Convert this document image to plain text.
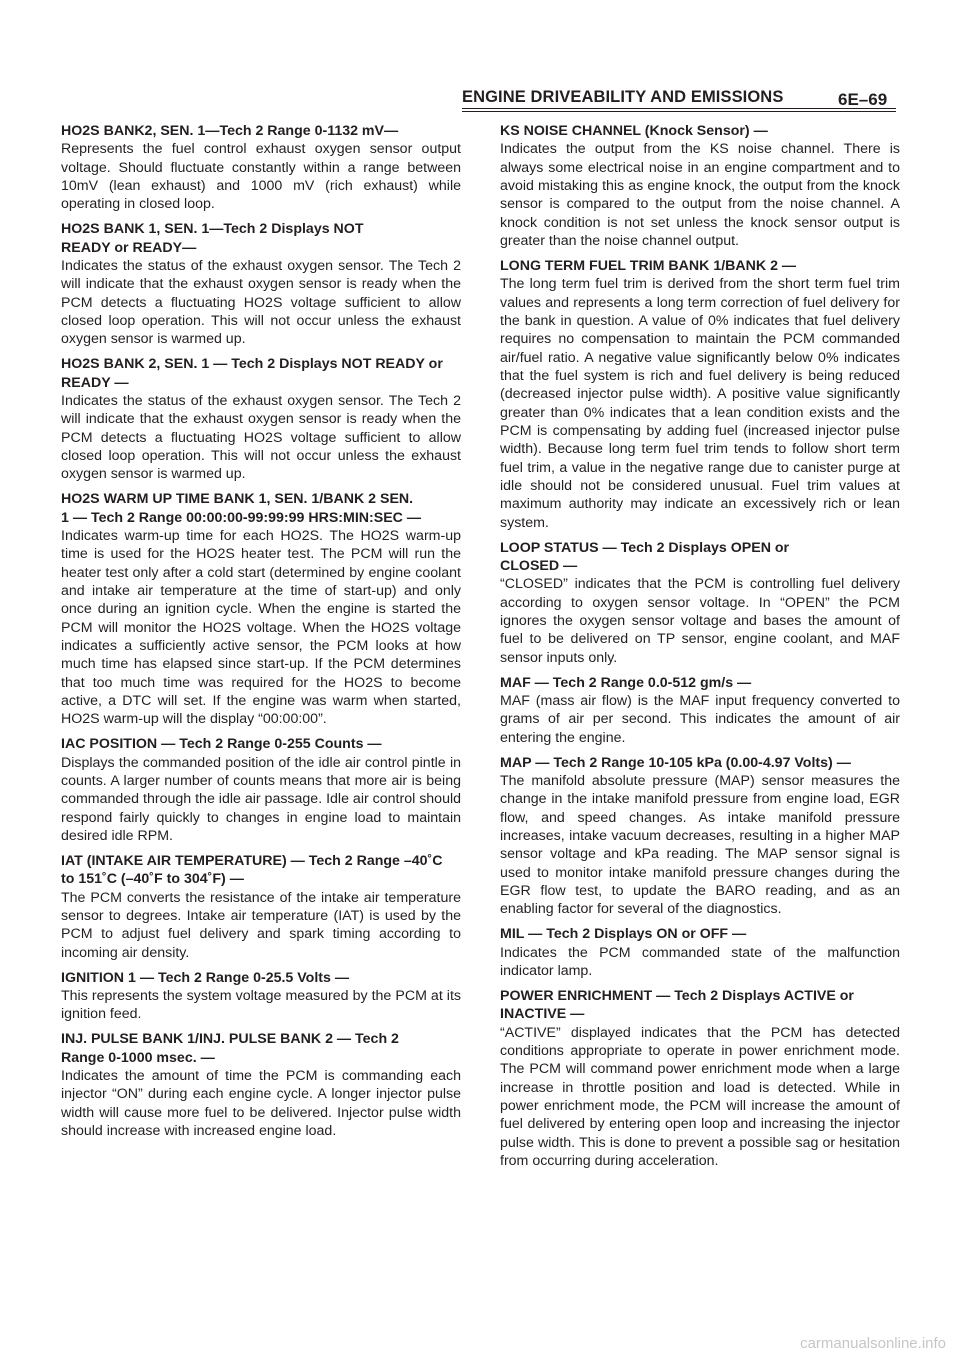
ENGINE DRIVEABILITY AND EMISSIONS	6E–69
HO2S BANK2, SEN. 1—Tech 2 Range 0-1132 mV—
Represents the fuel control exhaust oxygen sensor output voltage. Should fluctuate constantly within a range between 10mV (lean exhaust) and 1000 mV (rich exhaust) while operating in closed loop.
HO2S BANK 1, SEN. 1—Tech 2 Displays NOT READY or READY—
Indicates the status of the exhaust oxygen sensor. The Tech 2 will indicate that the exhaust oxygen sensor is ready when the PCM detects a fluctuating HO2S voltage sufficient to allow closed loop operation. This will not occur unless the exhaust oxygen sensor is warmed up.
HO2S BANK 2, SEN. 1 — Tech 2 Displays NOT READY or READY —
Indicates the status of the exhaust oxygen sensor. The Tech 2 will indicate that the exhaust oxygen sensor is ready when the PCM detects a fluctuating HO2S voltage sufficient to allow closed loop operation. This will not occur unless the exhaust oxygen sensor is warmed up.
HO2S WARM UP TIME BANK 1, SEN. 1/BANK 2 SEN. 1 — Tech 2 Range 00:00:00-99:99:99 HRS:MIN:SEC —
Indicates warm-up time for each HO2S. The HO2S warm-up time is used for the HO2S heater test. The PCM will run the heater test only after a cold start (determined by engine coolant and intake air temperature at the time of start-up) and only once during an ignition cycle. When the engine is started the PCM will monitor the HO2S voltage. When the HO2S voltage indicates a sufficiently active sensor, the PCM looks at how much time has elapsed since start-up. If the PCM determines that too much time was required for the HO2S to become active, a DTC will set. If the engine was warm when started, HO2S warm-up will the display “00:00:00”.
IAC POSITION — Tech 2 Range 0-255 Counts —
Displays the commanded position of the idle air control pintle in counts. A larger number of counts means that more air is being commanded through the idle air passage. Idle air control should respond fairly quickly to changes in engine load to maintain desired idle RPM.
IAT (INTAKE AIR TEMPERATURE) — Tech 2 Range –40˚C to 151˚C (–40˚F to 304˚F) —
The PCM converts the resistance of the intake air temperature sensor to degrees. Intake air temperature (IAT) is used by the PCM to adjust fuel delivery and spark timing according to incoming air density.
IGNITION 1 — Tech 2 Range 0-25.5 Volts —
This represents the system voltage measured by the PCM at its ignition feed.
INJ. PULSE BANK 1/INJ. PULSE BANK 2 — Tech 2 Range 0-1000 msec. —
Indicates the amount of time the PCM is commanding each injector “ON” during each engine cycle. A longer injector pulse width will cause more fuel to be delivered. Injector pulse width should increase with increased engine load.
KS NOISE CHANNEL (Knock Sensor) —
Indicates the output from the KS noise channel. There is always some electrical noise in an engine compartment and to avoid mistaking this as engine knock, the output from the knock sensor is compared to the output from the noise channel. A knock condition is not set unless the knock sensor output is greater than the noise channel output.
LONG TERM FUEL TRIM BANK 1/BANK 2 —
The long term fuel trim is derived from the short term fuel trim values and represents a long term correction of fuel delivery for the bank in question. A value of 0% indicates that fuel delivery requires no compensation to maintain the PCM commanded air/fuel ratio. A negative value significantly below 0% indicates that the fuel system is rich and fuel delivery is being reduced (decreased injector pulse width). A positive value significantly greater than 0% indicates that a lean condition exists and the PCM is compensating by adding fuel (increased injector pulse width). Because long term fuel trim tends to follow short term fuel trim, a value in the negative range due to canister purge at idle should not be considered unusual. Fuel trim values at maximum authority may indicate an excessively rich or lean system.
LOOP STATUS — Tech 2 Displays OPEN or CLOSED —
“CLOSED” indicates that the PCM is controlling fuel delivery according to oxygen sensor voltage. In “OPEN” the PCM ignores the oxygen sensor voltage and bases the amount of fuel to be delivered on TP sensor, engine coolant, and MAF sensor inputs only.
MAF — Tech 2 Range 0.0-512 gm/s —
MAF (mass air flow) is the MAF input frequency converted to grams of air per second. This indicates the amount of air entering the engine.
MAP — Tech 2 Range 10-105 kPa (0.00-4.97 Volts) —
The manifold absolute pressure (MAP) sensor measures the change in the intake manifold pressure from engine load, EGR flow, and speed changes. As intake manifold pressure increases, intake vacuum decreases, resulting in a higher MAP sensor voltage and kPa reading. The MAP sensor signal is used to monitor intake manifold pressure changes during the EGR flow test, to update the BARO reading, and as an enabling factor for several of the diagnostics.
MIL — Tech 2 Displays ON or OFF —
Indicates the PCM commanded state of the malfunction indicator lamp.
POWER ENRICHMENT — Tech 2 Displays ACTIVE or INACTIVE —
“ACTIVE” displayed indicates that the PCM has detected conditions appropriate to operate in power enrichment mode. The PCM will command power enrichment mode when a large increase in throttle position and load is detected. While in power enrichment mode, the PCM will increase the amount of fuel delivered by entering open loop and increasing the injector pulse width. This is done to prevent a possible sag or hesitation from occurring during acceleration.
carmanualsonline.info
